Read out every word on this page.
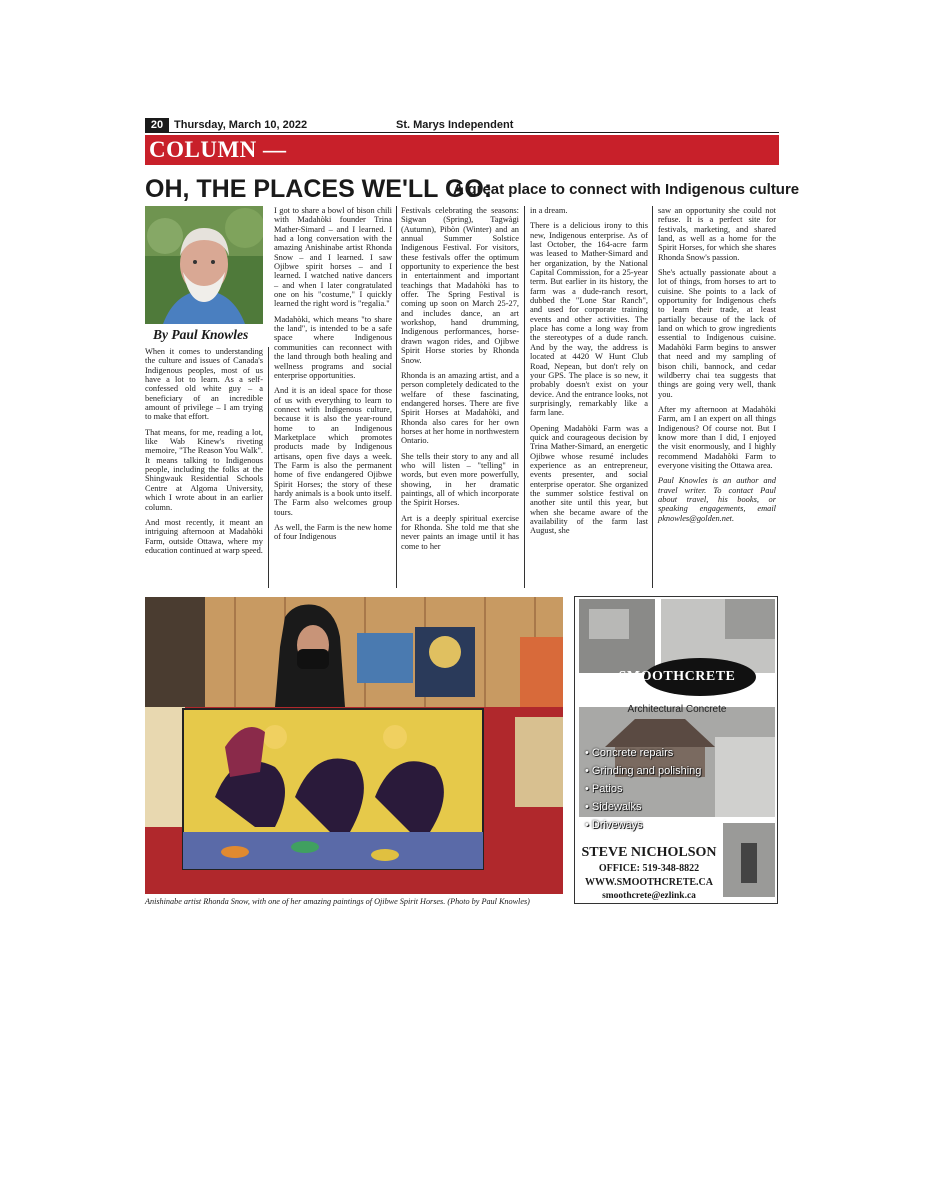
20 Thursday, March 10, 2022	St. Marys Independent
COLUMN —
OH, THE PLACES WE'LL GO:
A great place to connect with Indigenous culture
By Paul Knowles

When it comes to understanding the culture and issues of Canada's Indigenous peoples, most of us have a lot to learn. As a self-confessed old white guy – a beneficiary of an incredible amount of privilege – I am trying to make that effort.

That means, for me, reading a lot, like Wab Kinew's riveting memoire, "The Reason You Walk". It means talking to Indigenous people, including the folks at the Shingwauk Residential Schools Centre at Algoma University, which I wrote about in an earlier column.

And most recently, it meant an intriguing afternoon at Madahòki Farm, outside Ottawa, where my education continued at warp speed.

I got to share a bowl of bison chili with Madahòki founder Trina Mather-Simard – and I learned. I had a long conversation with the amazing Anishinabe artist Rhonda Snow – and I learned. I saw Ojibwe spirit horses – and I learned. I watched native dancers – and when I later congratulated one on his "costume," I quickly learned the right word is "regalia."

Madahòki, which means "to share the land", is intended to be a safe space where Indigenous communities can reconnect with the land through both healing and wellness programs and social enterprise opportunities.

And it is an ideal space for those of us with everything to learn to connect with Indigenous culture, because it is also the year-round home to an Indigenous Marketplace which promotes products made by Indigenous artisans, open five days a week. The Farm is also the permanent home of five endangered Ojibwe Spirit Horses; the story of these hardy animals is a book unto itself. The Farm also welcomes group tours.

As well, the Farm is the new home of four Indigenous

Festivals celebrating the seasons: Sigwan (Spring), Tagwàgi (Autumn), Pibòn (Winter) and an annual Summer Solstice Indigenous Festival. For visitors, these festivals offer the optimum opportunity to experience the best in entertainment and important teachings that Madahòki has to offer. The Spring Festival is coming up soon on March 25-27, and includes dance, an art workshop, hand drumming, Indigenous performances, horse-drawn wagon rides, and Ojibwe Spirit Horse stories by Rhonda Snow.

Rhonda is an amazing artist, and a person completely dedicated to the welfare of these fascinating, endangered horses. There are five Spirit Horses at Madahòki, and Rhonda also cares for her own horses at her home in northwestern Ontario.

She tells their story to any and all who will listen – "telling" in words, but even more powerfully, showing, in her dramatic paintings, all of which incorporate the Spirit Horses.

Art is a deeply spiritual exercise for Rhonda. She told me that she never paints an image until it has come to her

in a dream.

There is a delicious irony to this new, Indigenous enterprise. As of last October, the 164-acre farm was leased to Mather-Simard and her organization, by the National Capital Commission, for a 25-year term. But earlier in its history, the farm was a dude-ranch resort, dubbed the "Lone Star Ranch", and used for corporate training events and other activities. The place has come a long way from the stereotypes of a dude ranch. And by the way, the address is located at 4420 W Hunt Club Road, Nepean, but don't rely on your GPS. The place is so new, it probably doesn't exist on your device. And the entrance looks, not surprisingly, remarkably like a farm lane.

Opening Madahòki Farm was a quick and courageous decision by Trina Mather-Simard, an energetic Ojibwe whose resumé includes experience as an entrepreneur, events presenter, and social enterprise operator. She organized the summer solstice festival on another site until this year, but when she became aware of the availability of the farm last August, she

saw an opportunity she could not refuse. It is a perfect site for festivals, marketing, and shared land, as well as a home for the Spirit Horses, for which she shares Rhonda Snow's passion.

She's actually passionate about a lot of things, from horses to art to cuisine. She points to a lack of opportunity for Indigenous chefs to learn their trade, at least partially because of the lack of land on which to grow ingredients essential to Indigenous cuisine. Madahòki Farm begins to answer that need and my sampling of bison chili, bannock, and cedar wildberry chai tea suggests that things are going very well, thank you.

After my afternoon at Madahòki Farm, am I an expert on all things Indigenous? Of course not. But I know more than I did, I enjoyed the visit enormously, and I highly recommend Madahòki Farm to everyone visiting the Ottawa area.

Paul Knowles is an author and travel writer. To contact Paul about travel, his books, or speaking engagements, email pknowles@golden.net.

Anishinabe artist Rhonda Snow, with one of her amazing paintings of Ojibwe Spirit Horses. (Photo by Paul Knowles)
SMOOTHCRETE
Architectural Concrete
• Concrete repairs
• Grinding and polishing
• Patios
• Sidewalks
• Driveways
STEVE NICHOLSON
OFFICE: 519-348-8822
WWW.SMOOTHCRETE.CA
smoothcrete@ezlink.ca
